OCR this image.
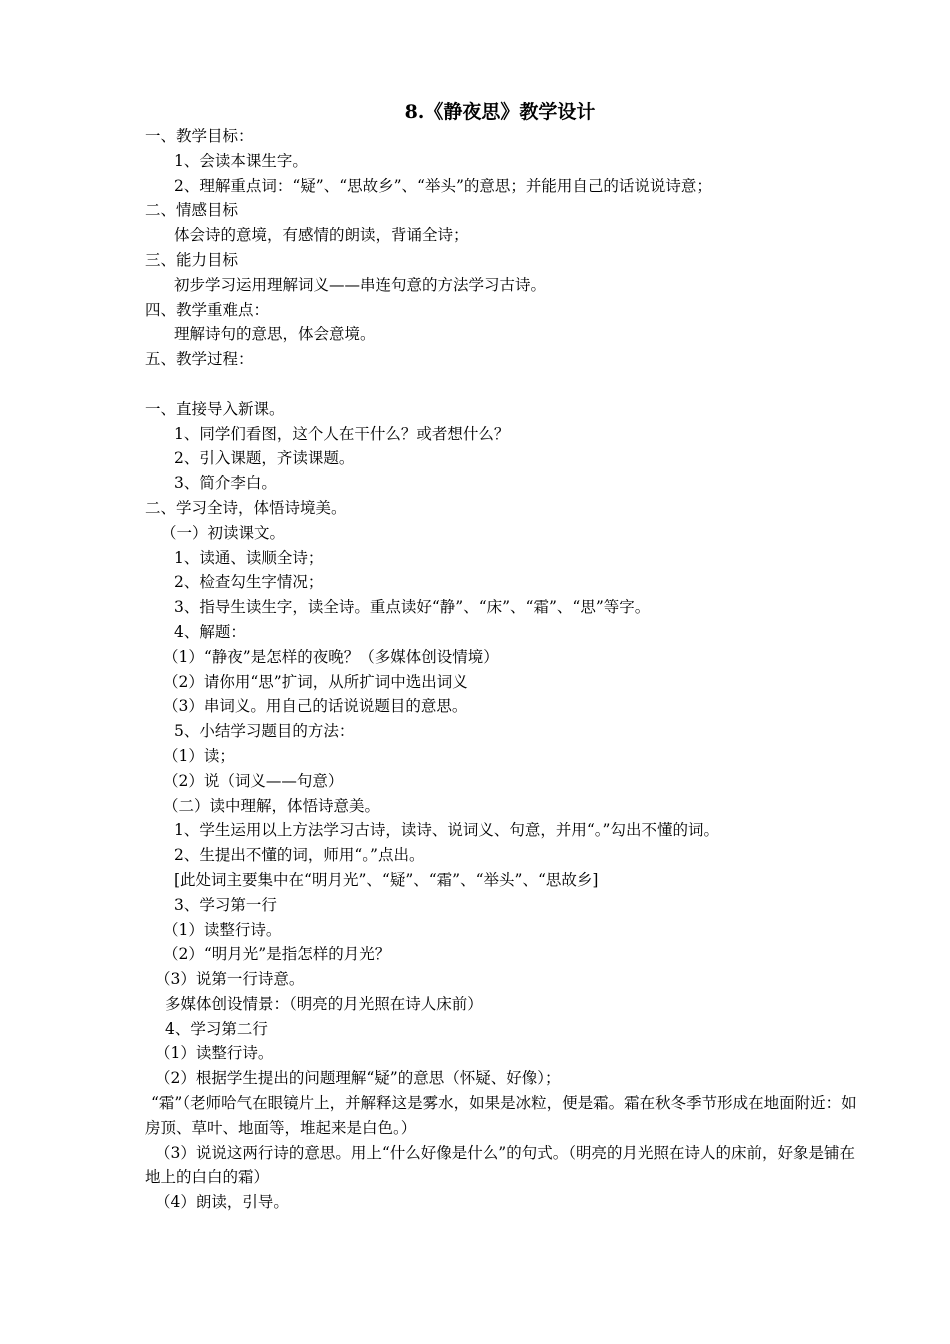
8.《静夜思》教学设计
一、教学目标：
1、会读本课生字。
2、理解重点词：“疑”、“思故乡”、“举头”的意思；并能用自己的话说说诗意；
二、情感目标
体会诗的意境，有感情的朗读，背诵全诗；
三、能力目标
初步学习运用理解词义——串连句意的方法学习古诗。
四、教学重难点：
理解诗句的意思，体会意境。
五、教学过程：
一、直接导入新课。
1、同学们看图，这个人在干什么？或者想什么？
2、引入课题，齐读课题。
3、简介李白。
二、学习全诗，体悟诗境美。
（一）初读课文。
1、读通、读顺全诗；
2、检查勾生字情况；
3、指导生读生字，读全诗。重点读好“静”、“床”、“霜”、“思”等字。
4、解题：
（1）“静夜”是怎样的夜晚？（多媒体创设情境）
（2）请你用“思”扩词，从所扩词中选出词义
（3）串词义。用自己的话说说题目的意思。
5、小结学习题目的方法：
（1）读；
（2）说（词义——句意）
（二）读中理解，体悟诗意美。
1、学生运用以上方法学习古诗，读诗、说词义、句意，并用“。”勾出不懂的词。
2、生提出不懂的词，师用“。”点出。
[此处词主要集中在“明月光”、“疑”、“霜”、“举头”、“思故乡]
3、学习第一行
（1）读整行诗。
（2）“明月光”是指怎样的月光？
（3）说第一行诗意。
多媒体创设情景：（明亮的月光照在诗人床前）
4、学习第二行
（1）读整行诗。
（2）根据学生提出的问题理解“疑”的意思（怀疑、好像）；
“霜”（老师哈气在眼镜片上，并解释这是雾水，如果是冰粒，便是霜。霜在秋冬季节形成在地面附近：如房顶、草叶、地面等，堆起来是白色。）
（3）说说这两行诗的意思。用上“什么好像是什么”的句式。（明亮的月光照在诗人的床前，好象是铺在地上的白白的霜）
（4）朗读，引导。
